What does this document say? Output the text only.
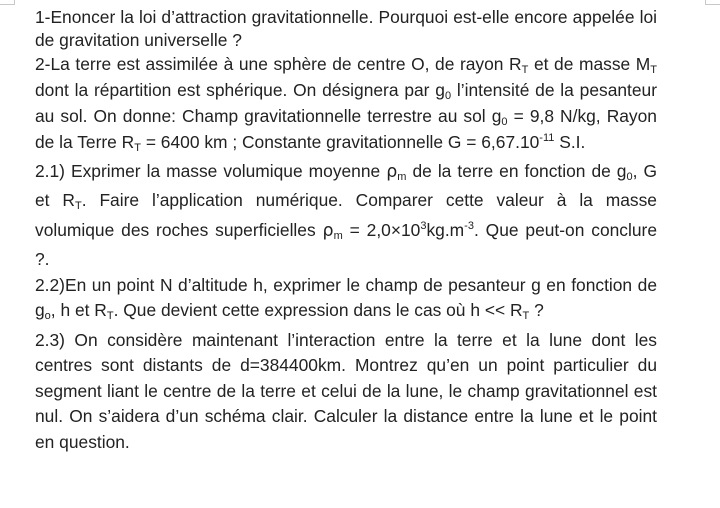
1-Enoncer la loi d’attraction gravitationnelle. Pourquoi est-elle encore appelée loi de gravitation universelle ?

2-La terre est assimilée à une sphère de centre O, de rayon RT et de masse MT dont la répartition est sphérique. On désignera par g0 l’intensité de la pesanteur au sol. On donne: Champ gravitationnelle terrestre au sol g0 = 9,8 N/kg, Rayon de la Terre RT = 6400 km ; Constante gravitationnelle $G = 6,67.10^{-11}$ S.I.

2.1) Exprimer la masse volumique moyenne ρm de la terre en fonction de g0, G et RT. Faire l’application numérique. Comparer cette valeur à la masse volumique des roches superficielles $\rho m = 2,0\times 10^3kg.m^{-3}$. Que peut-on conclure ?.

2.2)En un point N d’altitude h, exprimer le champ de pesanteur g en fonction de go, h et RT. Que devient cette expression dans le cas où h << RT ?

2.3) On considère maintenant l’interaction entre la terre et la lune dont les centres sont distants de d=384400km. Montrez qu’en un point particulier du segment liant le centre de la terre et celui de la lune, le champ gravitationnel est nul. On s’aidera d’un schéma clair. Calculer la distance entre la lune et le point en question.
